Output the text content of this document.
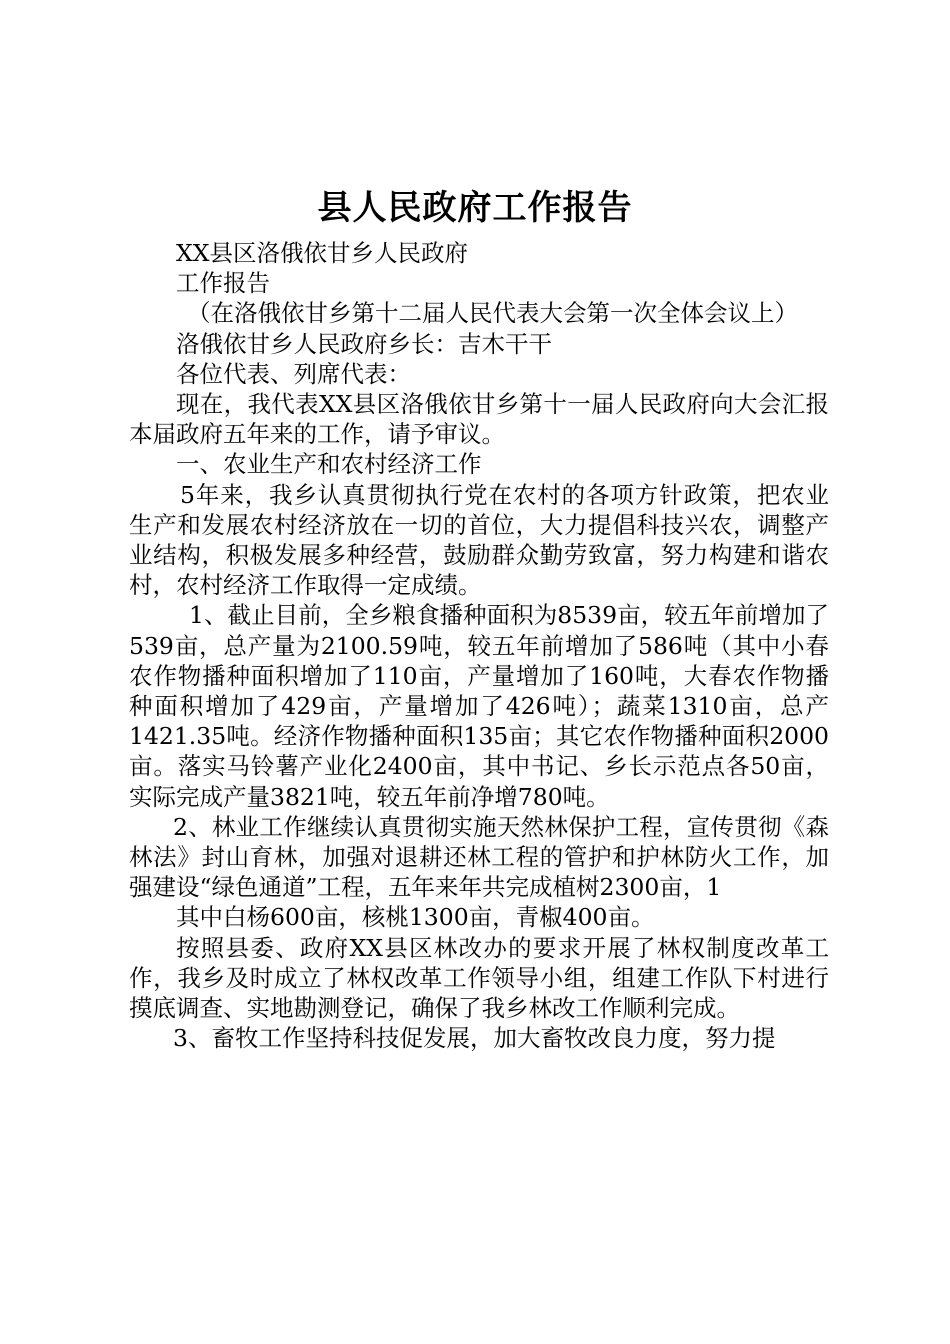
县人民政府工作报告

XX县区洛俄依甘乡人民政府

工作报告

（在洛俄依甘乡第十二届人民代表大会第一次全体会议上）

洛俄依甘乡人民政府乡长：吉木干干

各位代表、列席代表：

现在，我代表XX县区洛俄依甘乡第十一届人民政府向大会汇报本届政府五年来的工作，请予审议。

一、农业生产和农村经济工作

5年来，我乡认真贯彻执行党在农村的各项方针政策，把农业生产和发展农村经济放在一切的首位，大力提倡科技兴农，调整产业结构，积极发展多种经营，鼓励群众勤劳致富，努力构建和谐农村，农村经济工作取得一定成绩。

1、截止目前，全乡粮食播种面积为8539亩，较五年前增加了539亩，总产量为2100.59吨，较五年前增加了586吨（其中小春农作物播种面积增加了110亩，产量增加了160吨，大春农作物播种面积增加了429亩，产量增加了426吨）；蔬菜1310亩，总产1421.35吨。经济作物播种面积135亩；其它农作物播种面积2000亩。落实马铃薯产业化2400亩，其中书记、乡长示范点各50亩，实际完成产量3821吨，较五年前净增780吨。

2、林业工作继续认真贯彻实施天然林保护工程，宣传贯彻《森林法》封山育林，加强对退耕还林工程的管护和护林防火工作，加强建设“绿色通道”工程，五年来年共完成植树2300亩，1

其中白杨600亩，核桃1300亩，青椒400亩。

按照县委、政府XX县区林改办的要求开展了林权制度改革工作，我乡及时成立了林权改革工作领导小组，组建工作队下村进行摸底调查、实地勘测登记，确保了我乡林改工作顺利完成。

3、畜牧工作坚持科技促发展，加大畜牧改良力度，努力提
